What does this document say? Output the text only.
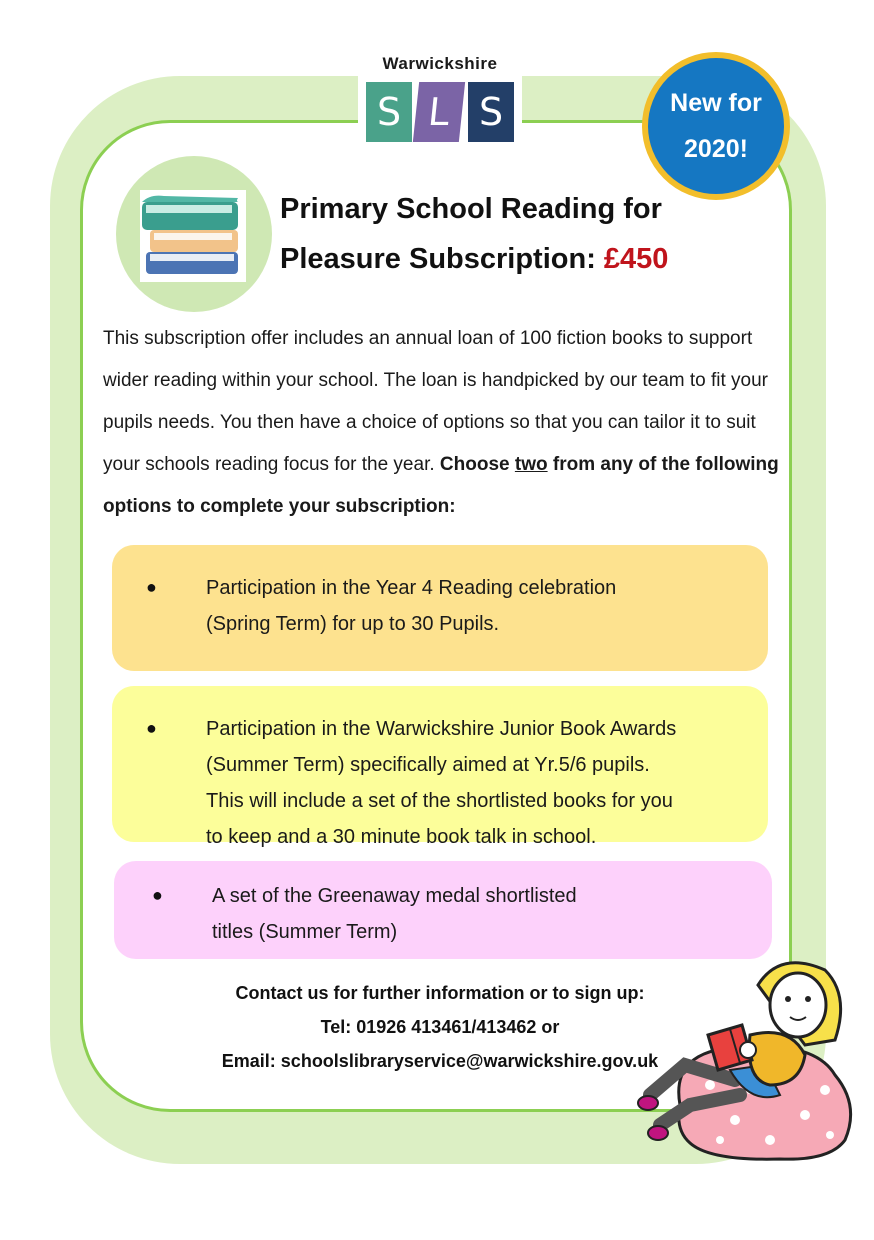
Warwickshire
S L S	New for
2020!
Primary School Reading for
Pleasure Subscription: £450
This subscription offer includes an annual loan of 100 fiction books to support wider reading within your school. The loan is handpicked by our team to fit your pupils needs. You then have a choice of options so that you can tailor it to suit your schools reading focus for the year. Choose two from any of the following options to complete your subscription:
● Participation in the Year 4 Reading celebration
(Spring Term) for up to 30 Pupils.
● Participation in the Warwickshire Junior Book Awards
(Summer Term) specifically aimed at Yr.5/6 pupils.
This will include a set of the shortlisted books for you
to keep and a 30 minute book talk in school.
● A set of the Greenaway medal shortlisted
titles (Summer Term)
Contact us for further information or to sign up:
Tel: 01926 413461/413462 or
Email: schoolslibraryservice@warwickshire.gov.uk
